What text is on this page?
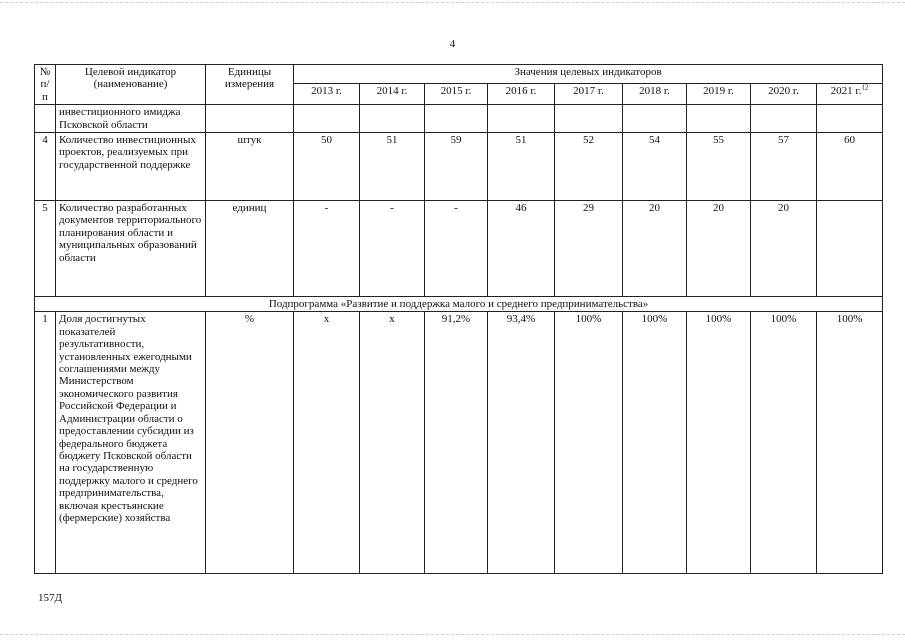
4
№ п/п	Целевой индикатор (наименование)	Единицы измерения	Значения целевых индикаторов								
			2013 г.	2014 г.	2015 г.	2016 г.	2017 г.	2018 г.	2019 г.	2020 г.	2021 г.$^{12}$
	инвестиционного имиджа Псковской области										
4	Количество инвестиционных проектов, реализуемых при государственной поддержке	штук	50	51	59	51	52	54	55	57	60
5	Количество разработанных документов территориального планирования области и муниципальных образований области	единиц	-	-	-	46	29	20	20	20	
Подпрограмма «Развитие и поддержка малого и среднего предпринимательства»											
1	Доля достигнутых показателей результативности, установленных ежегодными соглашениями между Министерством экономического развития Российской Федерации и Администрации области о предоставлении субсидии из федерального бюджета бюджету Псковской области на государственную поддержку малого и среднего предпринимательства, включая крестьянские (фермерские) хозяйства	%	х	х	91,2%	93,4%	100%	100%	100%	100%	100%
157Д
